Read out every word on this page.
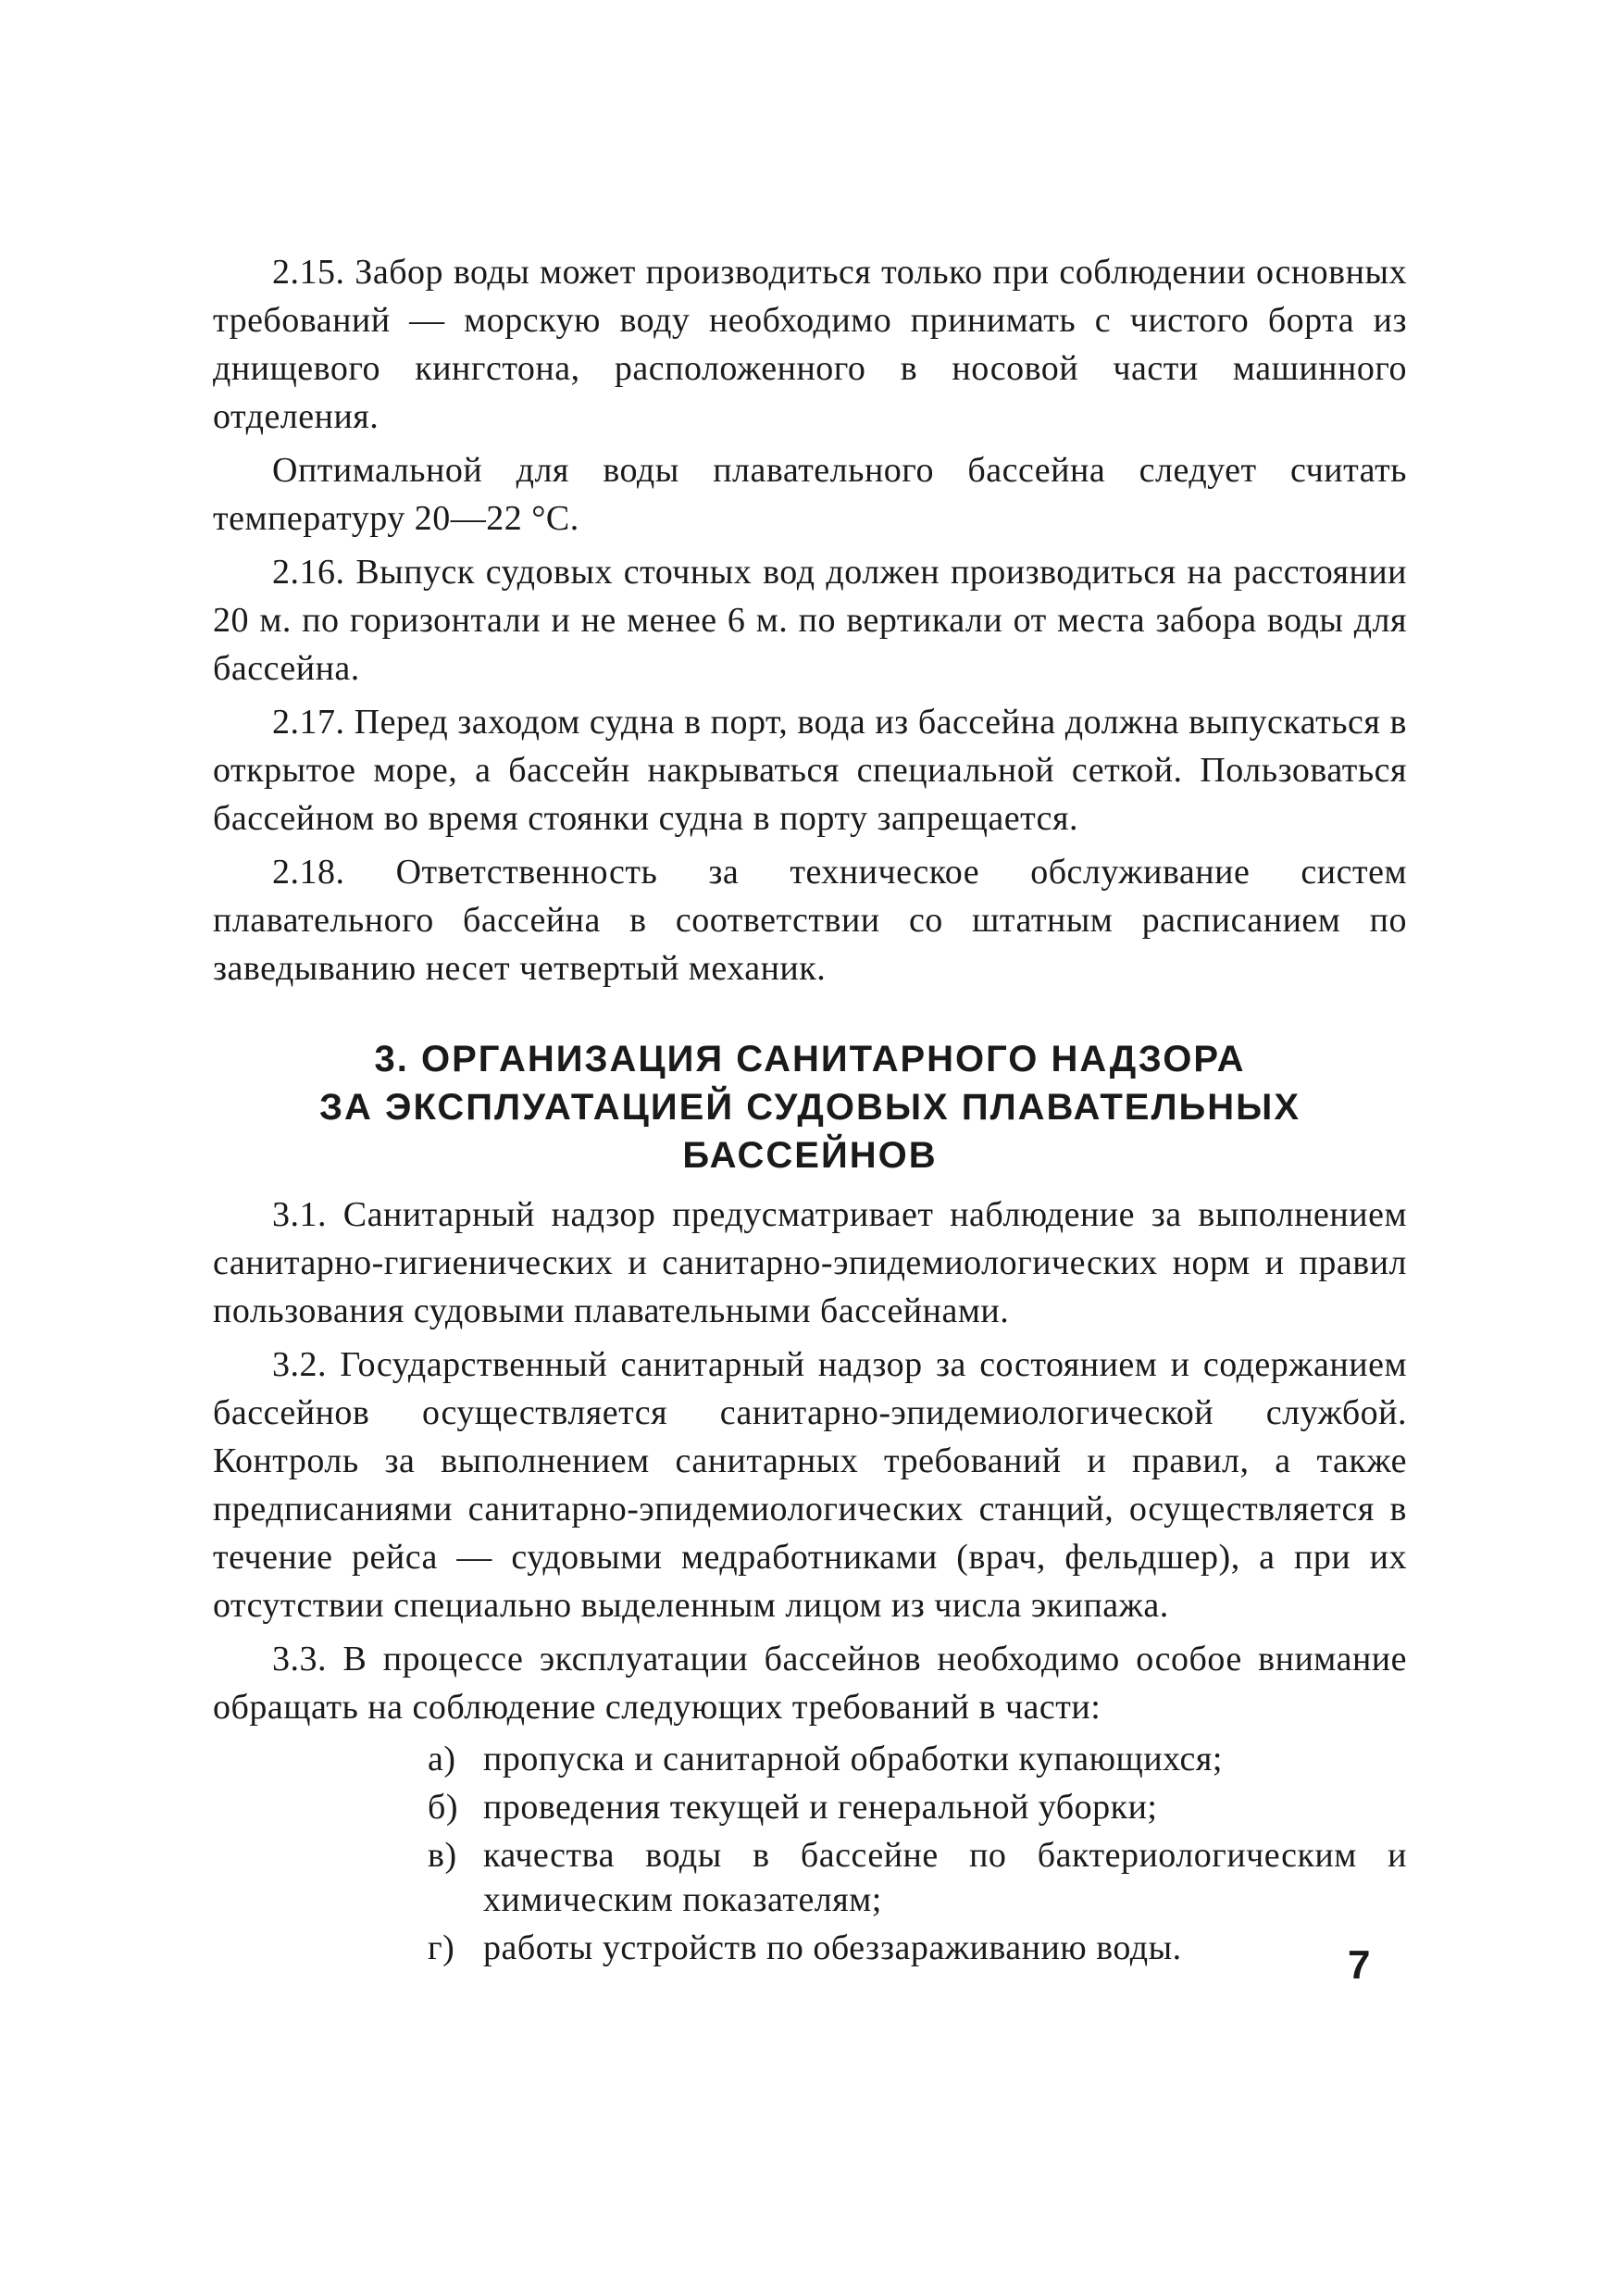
2.15. Забор воды может производиться только при соблюдении основных требований — морскую воду необходимо принимать с чистого борта из днищевого кингстона, расположенного в носовой части машинного отделения.

Оптимальной для воды плавательного бассейна следует считать температуру 20—22 °С.

2.16. Выпуск судовых сточных вод должен производиться на расстоянии 20 м. по горизонтали и не менее 6 м. по вертикали от места забора воды для бассейна.

2.17. Перед заходом судна в порт, вода из бассейна должна выпускаться в открытое море, а бассейн накрываться специальной сеткой. Пользоваться бассейном во время стоянки судна в порту запрещается.

2.18. Ответственность за техническое обслуживание систем плавательного бассейна в соответствии со штатным расписанием по заведыванию несет четвертый механик.

3. ОРГАНИЗАЦИЯ САНИТАРНОГО НАДЗОРА
ЗА ЭКСПЛУАТАЦИЕЙ СУДОВЫХ ПЛАВАТЕЛЬНЫХ
БАССЕЙНОВ

3.1. Санитарный надзор предусматривает наблюдение за выполнением санитарно-гигиенических и санитарно-эпидемиологических норм и правил пользования судовыми плавательными бассейнами.

3.2. Государственный санитарный надзор за состоянием и содержанием бассейнов осуществляется санитарно-эпидемиологической службой. Контроль за выполнением санитарных требований и правил, а также предписаниями санитарно-эпидемиологических станций, осуществляется в течение рейса — судовыми медработниками (врач, фельдшер), а при их отсутствии специально выделенным лицом из числа экипажа.

3.3. В процессе эксплуатации бассейнов необходимо особое внимание обращать на соблюдение следующих требований в части:

а) пропуска и санитарной обработки купающихся;
б) проведения текущей и генеральной уборки;
в) качества воды в бассейне по бактериологическим и химическим показателям;
г) работы устройств по обеззараживанию воды.	7
